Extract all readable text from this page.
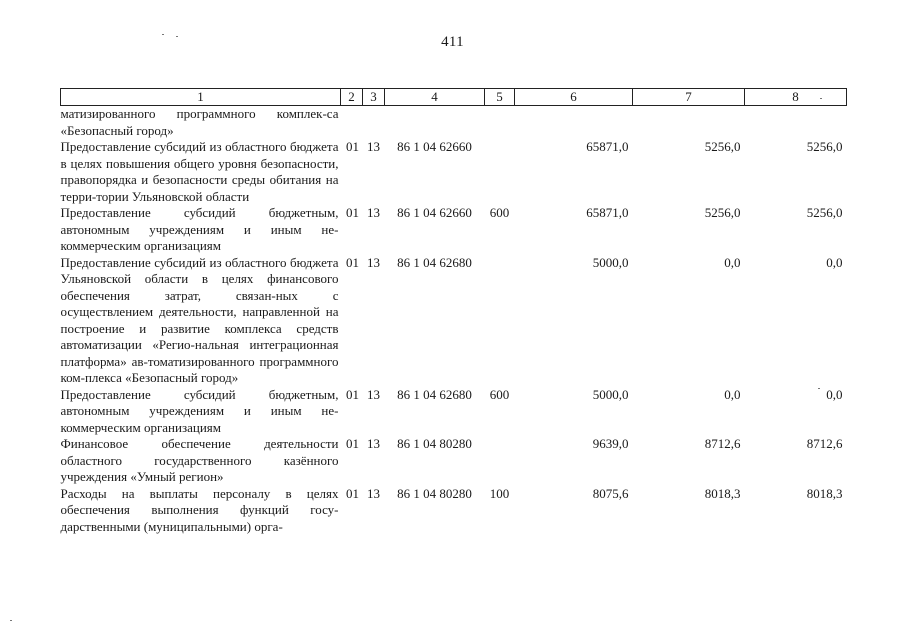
411
1	2	3	4	5	6	7	8
матизированного программного комплек-са «Безопасный город»							
Предоставление субсидий из областного бюджета в целях повышения общего уровня безопасности, правопорядка и безопасности среды обитания на терри-тории Ульяновской области	01	13	86 1 04 62660		65871,0	5256,0	5256,0
Предоставление субсидий бюджетным, автономным учреждениям и иным не-коммерческим организациям	01	13	86 1 04 62660	600	65871,0	5256,0	5256,0
Предоставление субсидий из областного бюджета Ульяновской области в целях финансового обеспечения затрат, связан-ных с осуществлением деятельности, направленной на построение и развитие комплекса средств автоматизации «Регио-нальная интеграционная платформа» ав-томатизированного программного ком-плекса «Безопасный город»	01	13	86 1 04 62680		5000,0	0,0	0,0
Предоставление субсидий бюджетным, автономным учреждениям и иным не-коммерческим организациям	01	13	86 1 04 62680	600	5000,0	0,0	0,0
Финансовое обеспечение деятельности областного государственного казённого учреждения «Умный регион»	01	13	86 1 04 80280		9639,0	8712,6	8712,6
Расходы на выплаты персоналу в целях обеспечения выполнения функций госу-дарственными (муниципальными) орга-	01	13	86 1 04 80280	100	8075,6	8018,3	8018,3
